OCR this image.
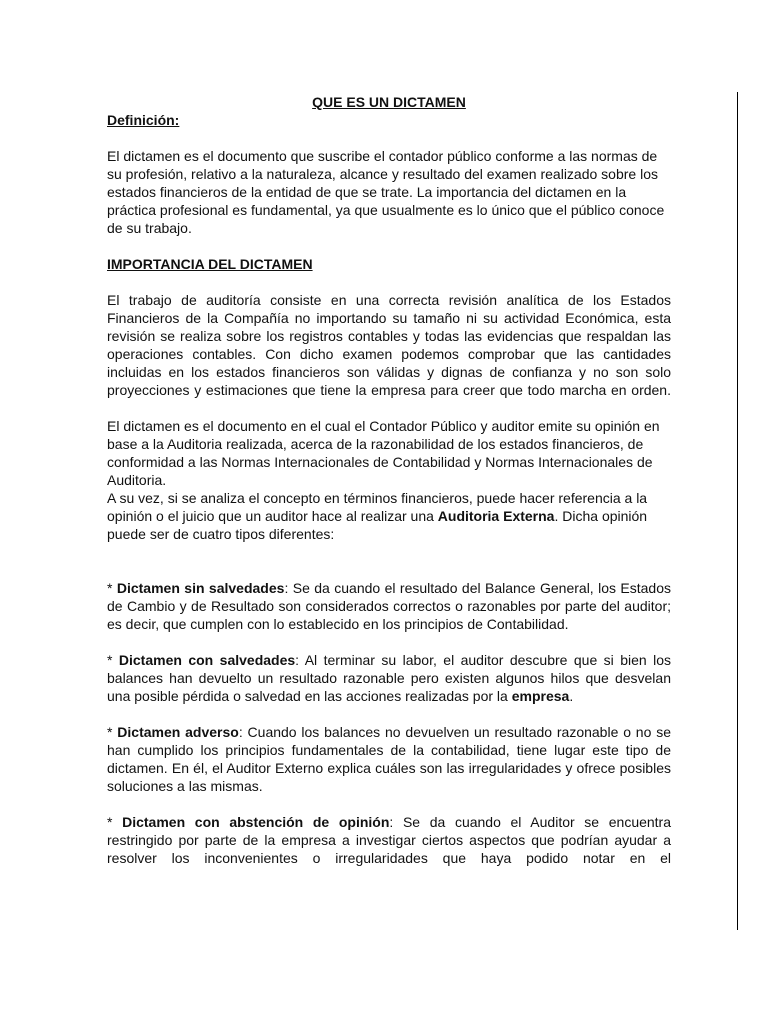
QUE ES UN DICTAMEN

Definición:

El dictamen es el documento que suscribe el contador público conforme a las normas de su profesión, relativo a la naturaleza, alcance y resultado del examen realizado sobre los estados financieros de la entidad de que se trate. La importancia del dictamen en la práctica profesional es fundamental, ya que usualmente es lo único que el público conoce de su trabajo.

IMPORTANCIA DEL DICTAMEN

El trabajo de auditoría consiste en una correcta revisión analítica de los Estados Financieros de la Compañía no importando su tamaño ni su actividad Económica, esta revisión se realiza sobre los registros contables y todas las evidencias que respaldan las operaciones contables. Con dicho examen podemos comprobar que las cantidades incluidas en los estados financieros son válidas y dignas de confianza y no son solo proyecciones y estimaciones que tiene la empresa para creer que todo marcha en orden.

El dictamen es el documento en el cual el Contador Público y auditor emite su opinión en base a la Auditoria realizada, acerca de la razonabilidad de los estados financieros, de conformidad a las Normas Internacionales de Contabilidad y Normas Internacionales de Auditoria.

A su vez, si se analiza el concepto en términos financieros, puede hacer referencia a la opinión o el juicio que un auditor hace al realizar una Auditoria Externa. Dicha opinión puede ser de cuatro tipos diferentes:

* Dictamen sin salvedades: Se da cuando el resultado del Balance General, los Estados de Cambio y de Resultado son considerados correctos o razonables por parte del auditor; es decir, que cumplen con lo establecido en los principios de Contabilidad.

* Dictamen con salvedades: Al terminar su labor, el auditor descubre que si bien los balances han devuelto un resultado razonable pero existen algunos hilos que desvelan una posible pérdida o salvedad en las acciones realizadas por la empresa.

* Dictamen adverso: Cuando los balances no devuelven un resultado razonable o no se han cumplido los principios fundamentales de la contabilidad, tiene lugar este tipo de dictamen. En él, el Auditor Externo explica cuáles son las irregularidades y ofrece posibles soluciones a las mismas.

* Dictamen con abstención de opinión: Se da cuando el Auditor se encuentra restringido por parte de la empresa a investigar ciertos aspectos que podrían ayudar a resolver los inconvenientes o irregularidades que haya podido notar en el
